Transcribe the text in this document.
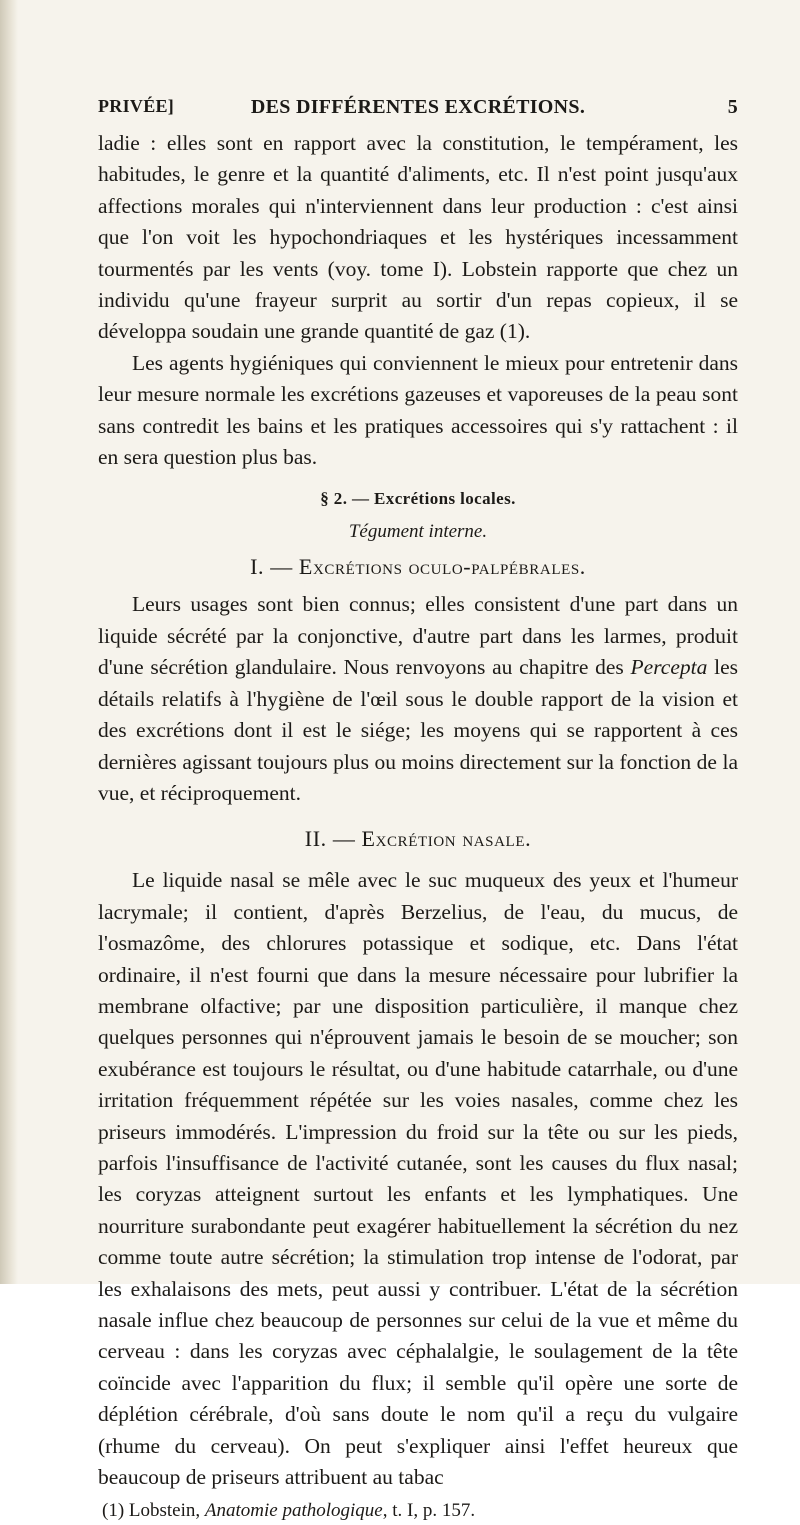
DES DIFFÉRENTES EXCRÉTIONS.
PRIVÉE]	5

ladie : elles sont en rapport avec la constitution, le tempérament, les habitudes, le genre et la quantité d'aliments, etc. Il n'est point jusqu'aux affections morales qui n'interviennent dans leur production : c'est ainsi que l'on voit les hypochondriaques et les hystériques incessamment tourmentés par les vents (voy. tome I). Lobstein rapporte que chez un individu qu'une frayeur surprit au sortir d'un repas copieux, il se développa soudain une grande quantité de gaz (1).

Les agents hygiéniques qui conviennent le mieux pour entretenir dans leur mesure normale les excrétions gazeuses et vaporeuses de la peau sont sans contredit les bains et les pratiques accessoires qui s'y rattachent : il en sera question plus bas.

§ 2. — Excrétions locales.
Tégument interne.
I. — Excrétions oculo-palpébrales.

Leurs usages sont bien connus; elles consistent d'une part dans un liquide sécrété par la conjonctive, d'autre part dans les larmes, produit d'une sécrétion glandulaire. Nous renvoyons au chapitre des Percepta les détails relatifs à l'hygiène de l'œil sous le double rapport de la vision et des excrétions dont il est le siége; les moyens qui se rapportent à ces dernières agissant toujours plus ou moins directement sur la fonction de la vue, et réciproquement.

II. — Excrétion nasale.

Le liquide nasal se mêle avec le suc muqueux des yeux et l'humeur lacrymale; il contient, d'après Berzelius, de l'eau, du mucus, de l'osmazôme, des chlorures potassique et sodique, etc. Dans l'état ordinaire, il n'est fourni que dans la mesure nécessaire pour lubrifier la membrane olfactive; par une disposition particulière, il manque chez quelques personnes qui n'éprouvent jamais le besoin de se moucher; son exubérance est toujours le résultat, ou d'une habitude catarrhale, ou d'une irritation fréquemment répétée sur les voies nasales, comme chez les priseurs immodérés. L'impression du froid sur la tête ou sur les pieds, parfois l'insuffisance de l'activité cutanée, sont les causes du flux nasal; les coryzas atteignent surtout les enfants et les lymphatiques. Une nourriture surabondante peut exagérer habituellement la sécrétion du nez comme toute autre sécrétion; la stimulation trop intense de l'odorat, par les exhalaisons des mets, peut aussi y contribuer. L'état de la sécrétion nasale influe chez beaucoup de personnes sur celui de la vue et même du cerveau : dans les coryzas avec céphalalgie, le soulagement de la tête coïncide avec l'apparition du flux; il semble qu'il opère une sorte de déplétion cérébrale, d'où sans doute le nom qu'il a reçu du vulgaire (rhume du cerveau). On peut s'expliquer ainsi l'effet heureux que beaucoup de priseurs attribuent au tabac

(1) Lobstein, Anatomie pathologique, t. I, p. 157.
